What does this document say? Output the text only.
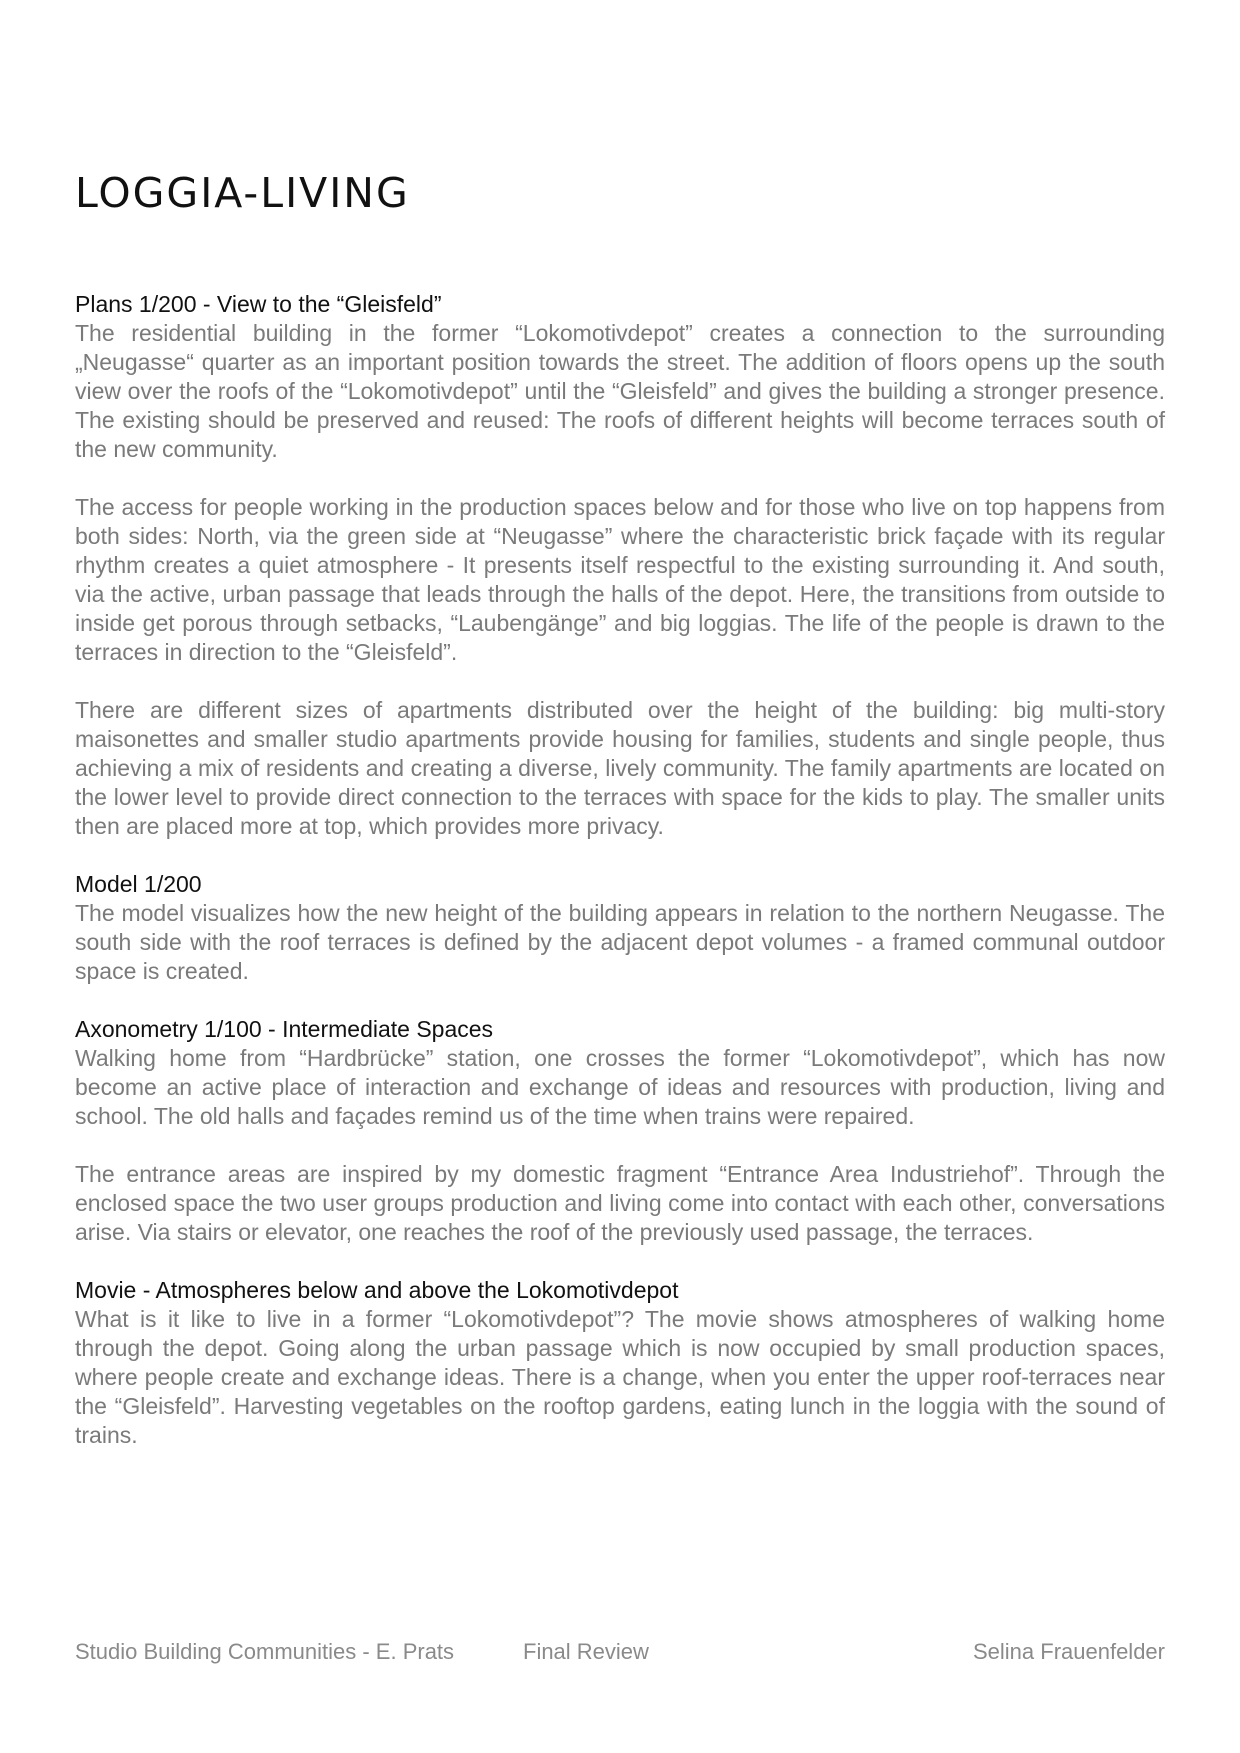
LOGGIA-LIVING

Plans 1/200 - View to the “Gleisfeld”

The residential building in the former “Lokomotivdepot” creates a connection to the surrounding „Neugasse“ quarter as an important position towards the street. The addition of floors opens up the south view over the roofs of the “Lokomotivdepot” until the “Gleisfeld” and gives the building a stronger presence. The existing should be preserved and reused: The roofs of different heights will become terraces south of the new community.

The access for people working in the production spaces below and for those who live on top happens from both sides: North, via the green side at “Neugasse” where the characteristic brick façade with its regular rhythm creates a quiet atmosphere - It presents itself respectful to the existing surrounding it. And south, via the active, urban passage that leads through the halls of the depot. Here, the transitions from outside to inside get porous through setbacks, “Laubengänge” and big loggias. The life of the people is drawn to the terraces in direction to the “Gleisfeld”.

There are different sizes of apartments distributed over the height of the building: big multi-story maisonettes and smaller studio apartments provide housing for families, students and single people, thus achieving a mix of residents and creating a diverse, lively community. The family apartments are located on the lower level to provide direct connection to the terraces with space for the kids to play. The smaller units then are placed more at top, which provides more privacy.

Model 1/200

The model visualizes how the new height of the building appears in relation to the northern Neugasse. The south side with the roof terraces is defined by the adjacent depot volumes - a framed communal outdoor space is created.

Axonometry 1/100 - Intermediate Spaces

Walking home from “Hardbrücke” station, one crosses the former “Lokomotivdepot”, which has now become an active place of interaction and exchange of ideas and resources with production, living and school. The old halls and façades remind us of the time when trains were repaired.

The entrance areas are inspired by my domestic fragment “Entrance Area Industriehof”. Through the enclosed space the two user groups production and living come into contact with each other, conversations arise. Via stairs or elevator, one reaches the roof of the previously used passage, the terraces.

Movie - Atmospheres below and above the Lokomotivdepot

What is it like to live in a former “Lokomotivdepot”? The movie shows atmospheres of walking home through the depot. Going along the urban passage which is now occupied by small production spaces, where people create and exchange ideas. There is a change, when you enter the upper roof-terraces near the “Gleisfeld”. Harvesting vegetables on the rooftop gardens, eating lunch in the loggia with the sound of trains.

Studio Building Communities - E. Prats	Final Review	Selina Frauenfelder
